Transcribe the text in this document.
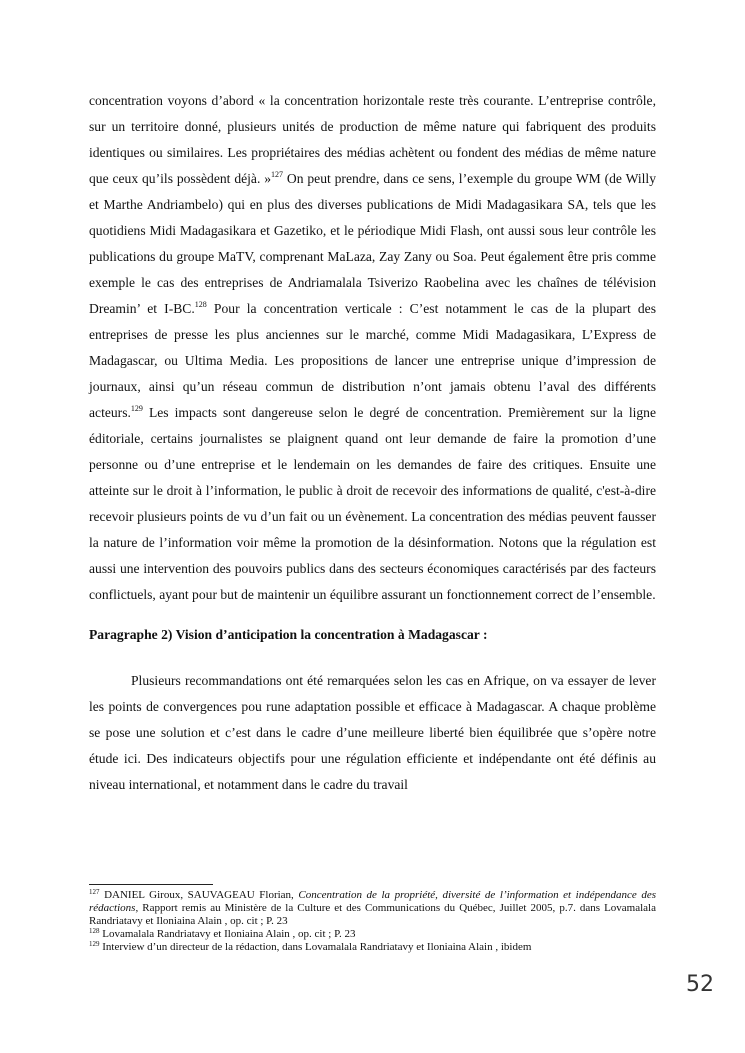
concentration voyons d’abord « la concentration horizontale reste très courante. L’entreprise contrôle, sur un territoire donné, plusieurs unités de production de même nature qui fabriquent des produits identiques ou similaires. Les propriétaires des médias achètent ou fondent des médias de même nature que ceux qu’ils possèdent déjà. »$^{127}$ On peut prendre, dans ce sens, l’exemple du groupe WM (de Willy et Marthe Andriambelo) qui en plus des diverses publications de Midi Madagasikara SA, tels que les quotidiens Midi Madagasikara et Gazetiko, et le périodique Midi Flash, ont aussi sous leur contrôle les publications du groupe MaTV, comprenant MaLaza, Zay Zany ou Soa. Peut également être pris comme exemple le cas des entreprises de Andriamalala Tsiverizo Raobelina avec les chaînes de télévision Dreamin’ et I-BC.$^{128}$ Pour la concentration verticale : C’est notamment le cas de la plupart des entreprises de presse les plus anciennes sur le marché, comme Midi Madagasikara, L’Express de Madagascar, ou Ultima Media. Les propositions de lancer une entreprise unique d’impression de journaux, ainsi qu’un réseau commun de distribution n’ont jamais obtenu l’aval des différents acteurs.$^{129}$ Les impacts sont dangereuse selon le degré de concentration. Premièrement sur la ligne éditoriale, certains journalistes se plaignent quand ont leur demande de faire la promotion d’une personne ou d’une entreprise et le lendemain on les demandes de faire des critiques. Ensuite une atteinte sur le droit à l’information, le public à droit de recevoir des informations de qualité, c'est-à-dire recevoir plusieurs points de vu d’un fait ou un évènement. La concentration des médias peuvent fausser la nature de l’information voir même la promotion de la désinformation. Notons que la régulation est aussi une intervention des pouvoirs publics dans des secteurs économiques caractérisés par des facteurs conflictuels, ayant pour but de maintenir un équilibre assurant un fonctionnement correct de l’ensemble.

Paragraphe 2) Vision d’anticipation la concentration à Madagascar :

Plusieurs recommandations ont été remarquées selon les cas en Afrique, on va essayer de lever les points de convergences pou rune adaptation possible et efficace à Madagascar. A chaque problème se pose une solution et c’est dans le cadre d’une meilleure liberté bien équilibrée que s’opère notre étude ici. Des indicateurs objectifs pour une régulation efficiente et indépendante ont été définis au niveau international, et notamment dans le cadre du travail

$^{127}$ DANIEL Giroux, SAUVAGEAU Florian, Concentration de la propriété, diversité de l’information et indépendance des rédactions, Rapport remis au Ministère de la Culture et des Communications du Québec, Juillet 2005, p.7. dans Lovamalala Randriatavy et Iloniaina Alain , op. cit ; P. 23

$^{128}$ Lovamalala Randriatavy et Iloniaina Alain , op. cit ; P. 23

$^{129}$ Interview d’un directeur de la rédaction, dans Lovamalala Randriatavy et Iloniaina Alain , ibidem

52
